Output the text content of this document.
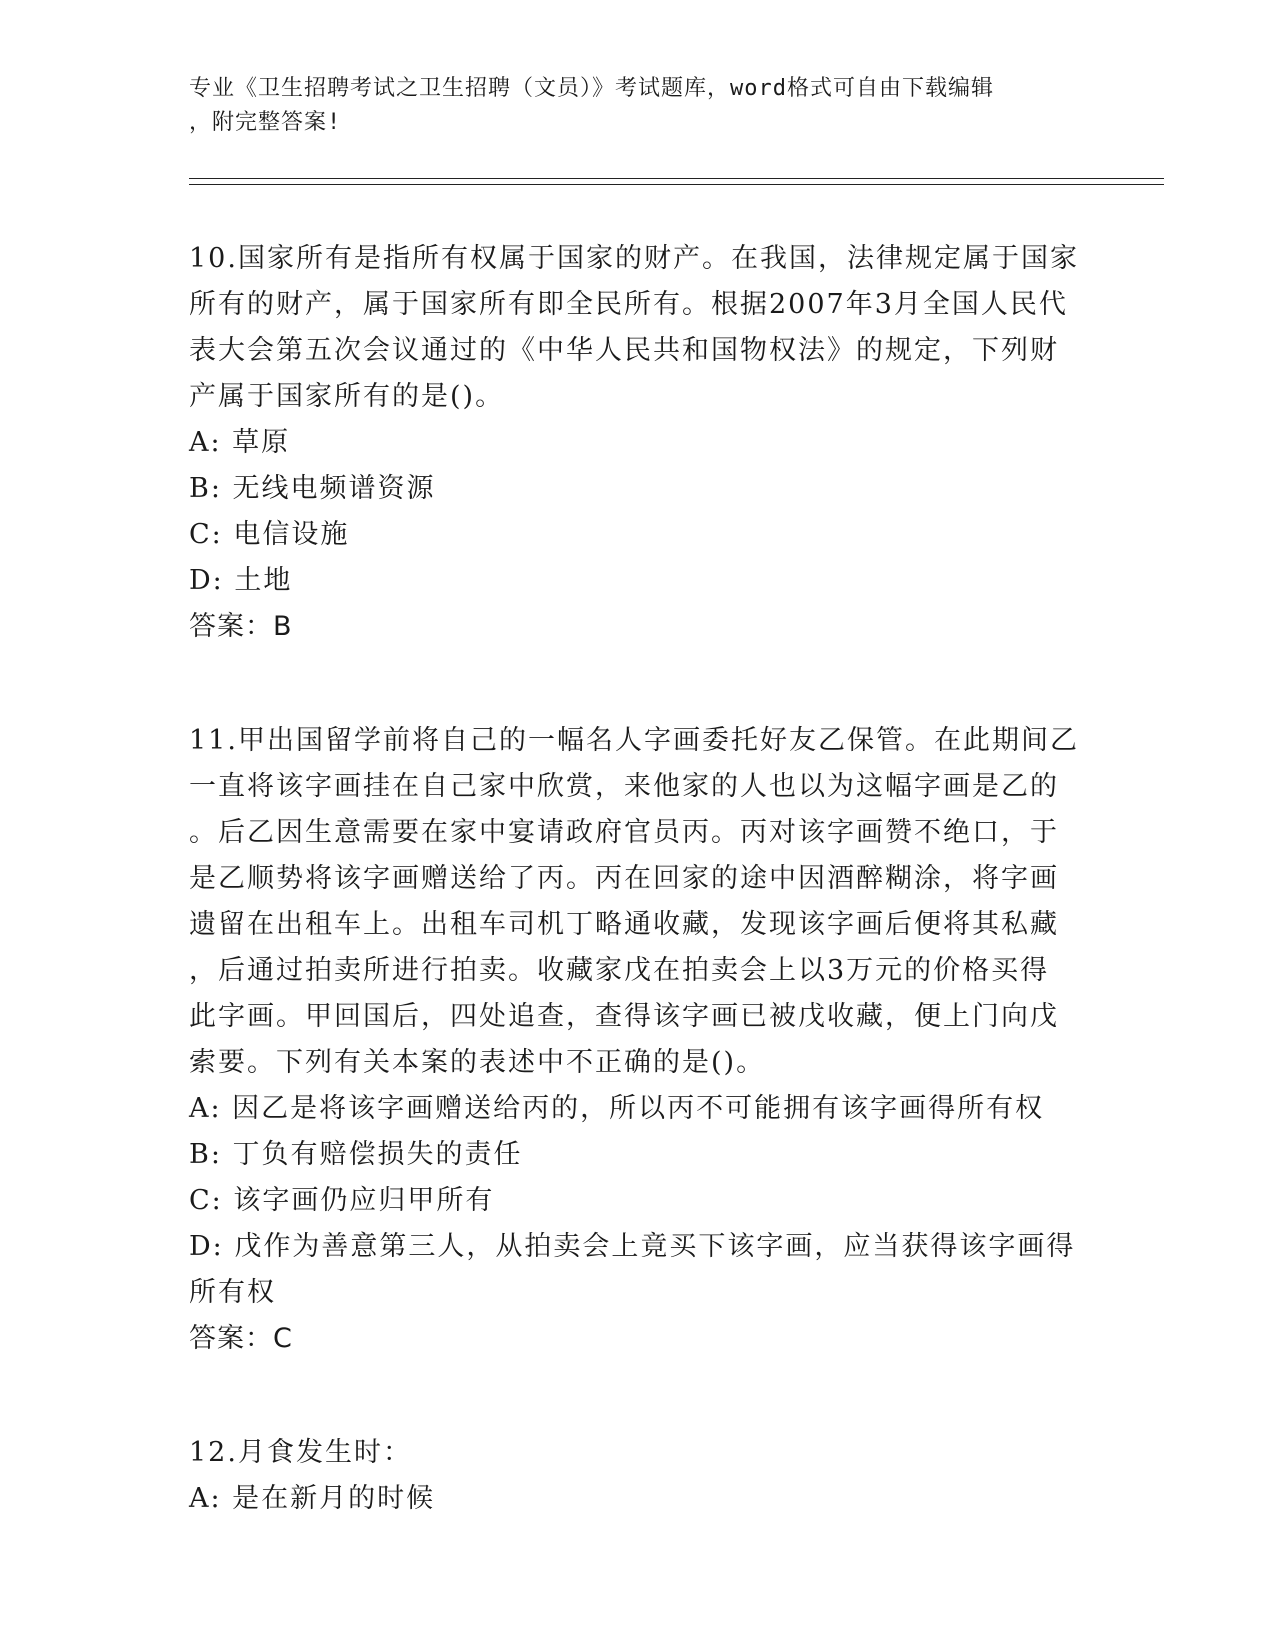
专业《卫生招聘考试之卫生招聘（文员）》考试题库，word格式可自由下载编辑
，附完整答案!
10.国家所有是指所有权属于国家的财产。在我国，法律规定属于国家
所有的财产，属于国家所有即全民所有。根据2007年3月全国人民代
表大会第五次会议通过的《中华人民共和国物权法》的规定，下列财
产属于国家所有的是()。
A: 草原
B: 无线电频谱资源
C: 电信设施
D: 土地
答案：B
11.甲出国留学前将自己的一幅名人字画委托好友乙保管。在此期间乙
一直将该字画挂在自己家中欣赏，来他家的人也以为这幅字画是乙的
。后乙因生意需要在家中宴请政府官员丙。丙对该字画赞不绝口，于
是乙顺势将该字画赠送给了丙。丙在回家的途中因酒醉糊涂，将字画
遗留在出租车上。出租车司机丁略通收藏，发现该字画后便将其私藏
，后通过拍卖所进行拍卖。收藏家戊在拍卖会上以3万元的价格买得
此字画。甲回国后，四处追查，查得该字画已被戊收藏，便上门向戊
索要。下列有关本案的表述中不正确的是()。
A: 因乙是将该字画赠送给丙的，所以丙不可能拥有该字画得所有权
B: 丁负有赔偿损失的责任
C: 该字画仍应归甲所有
D: 戊作为善意第三人，从拍卖会上竟买下该字画，应当获得该字画得
所有权
答案：C
12.月食发生时：
A: 是在新月的时候
